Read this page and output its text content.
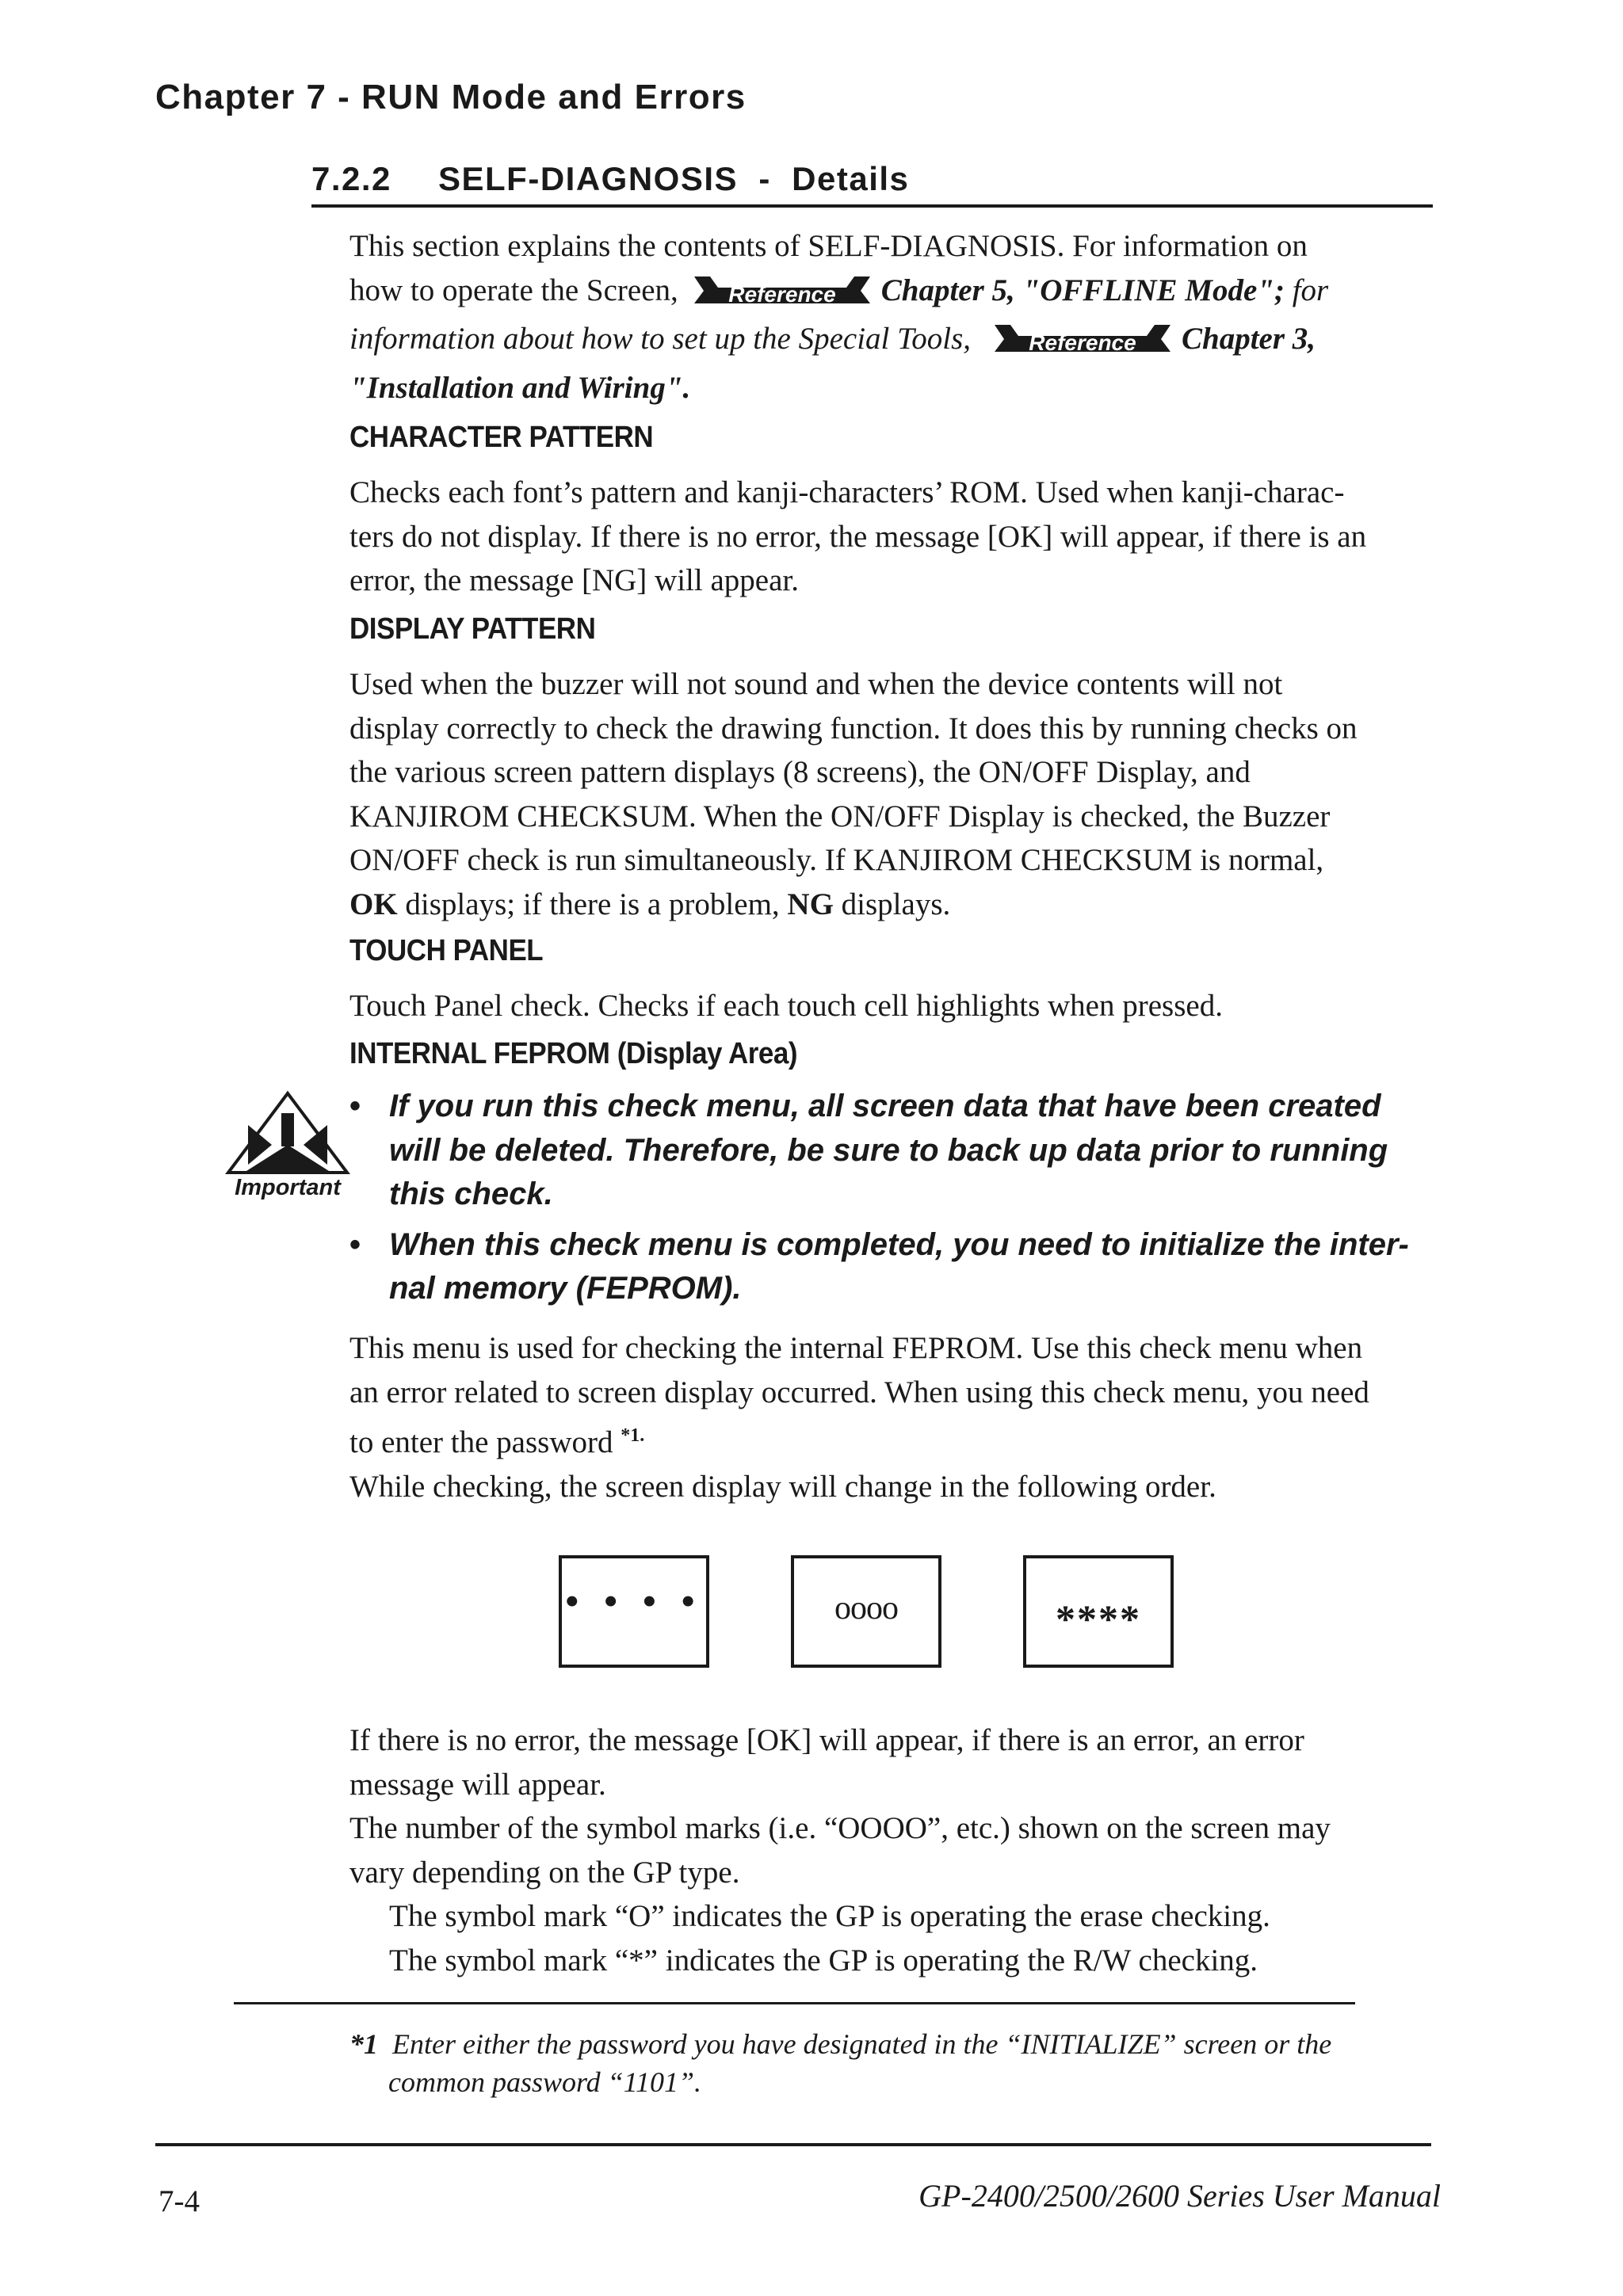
Chapter 7 - RUN Mode and Errors
7.2.2 SELF-DIAGNOSIS  -  Details
This section explains the contents of SELF-DIAGNOSIS. For information on
how to operate the Screen, Reference Chapter 5, "OFFLINE Mode"; for
information about how to set up the Special Tools,	Reference Chapter 3,
"Installation and Wiring".
CHARACTER PATTERN
Checks each font’s pattern and kanji-characters’ ROM. Used when kanji-charac-
ters do not display. If there is no error, the message [OK] will appear, if there is an
error, the message [NG] will appear.
DISPLAY PATTERN
Used when the buzzer will not sound and when the device contents will not
display correctly to check the drawing function. It does this by running checks on
the various screen pattern displays (8 screens), the ON/OFF Display, and
KANJIROM CHECKSUM. When the ON/OFF Display is checked, the Buzzer
ON/OFF check is run simultaneously. If KANJIROM CHECKSUM is normal,
OK displays; if there is a problem, NG displays.
TOUCH PANEL
Touch Panel check. Checks if each touch cell highlights when pressed.
INTERNAL FEPROM (Display Area)
Important
• If you run this check menu, all screen data that have been created
will be deleted. Therefore, be sure to back up data prior to running
this check.
• When this check menu is completed, you need to initialize the inter-
nal memory (FEPROM).
This menu is used for checking the internal FEPROM. Use this check menu when
an error related to screen display occurred. When using this check menu, you need
to enter the password $^{*1.}$
While checking, the screen display will change in the following order.
• • • •	oooo	****
If there is no error, the message [OK] will appear, if there is an error, an error
message will appear.
The number of the symbol marks (i.e. “OOOO”, etc.) shown on the screen may
vary depending on the GP type.
The symbol mark “O” indicates the GP is operating the erase checking.
The symbol mark “*” indicates the GP is operating the R/W checking.
*1 Enter either the password you have designated in the “INITIALIZE” screen or the
common password “1101”.
7-4	GP-2400/2500/2600 Series User Manual
